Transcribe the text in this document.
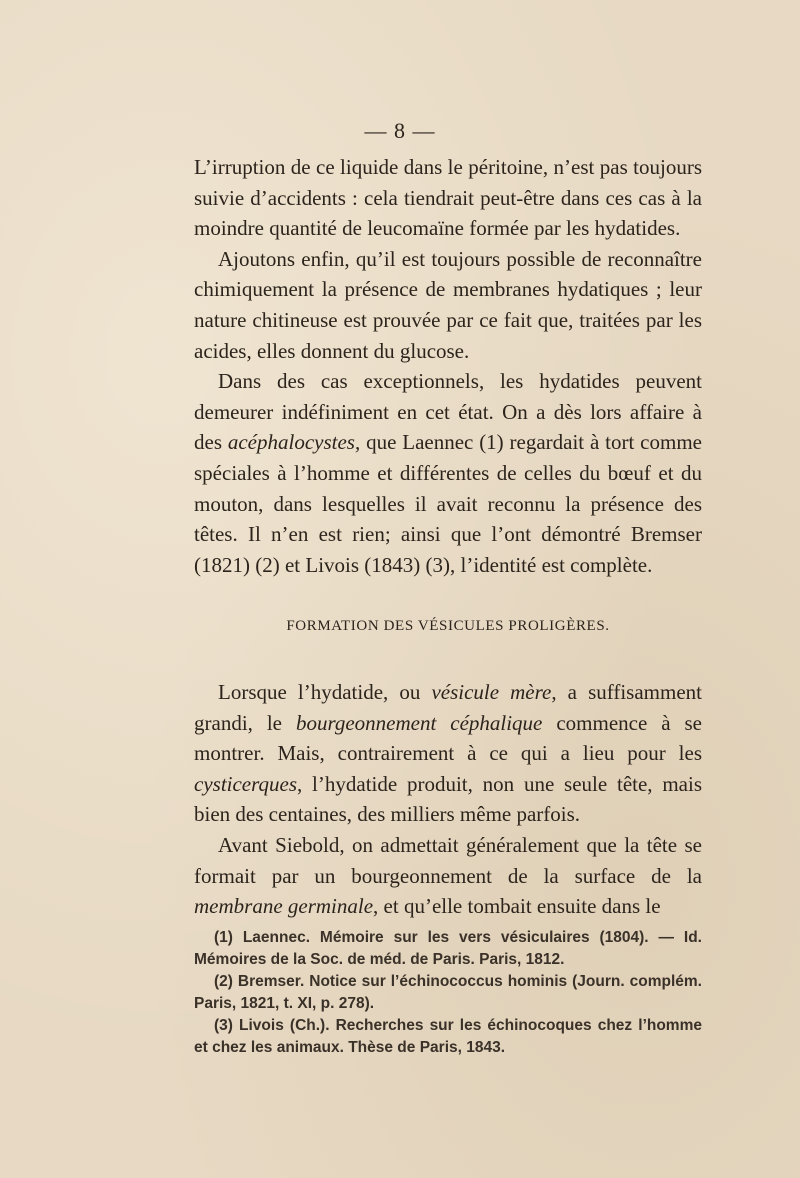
— 8 —

L’irruption de ce liquide dans le péritoine, n’est pas toujours suivie d’accidents : cela tiendrait peut-être dans ces cas à la moindre quantité de leucomaïne formée par les hydatides.

Ajoutons enfin, qu’il est toujours possible de reconnaître chimiquement la présence de membranes hydatiques ; leur nature chitineuse est prouvée par ce fait que, traitées par les acides, elles donnent du glucose.

Dans des cas exceptionnels, les hydatides peuvent demeurer indéfiniment en cet état. On a dès lors affaire à des acéphalocystes, que Laennec (1) regardait à tort comme spéciales à l’homme et différentes de celles du bœuf et du mouton, dans lesquelles il avait reconnu la présence des têtes. Il n’en est rien; ainsi que l’ont démontré Bremser (1821) (2) et Livois (1843) (3), l’identité est complète.

FORMATION DES VÉSICULES PROLIGÈRES.

Lorsque l’hydatide, ou vésicule mère, a suffisamment grandi, le bourgeonnement céphalique commence à se montrer. Mais, contrairement à ce qui a lieu pour les cysticerques, l’hydatide produit, non une seule tête, mais bien des centaines, des milliers même parfois.

Avant Siebold, on admettait généralement que la tête se formait par un bourgeonnement de la surface de la membrane germinale, et qu’elle tombait ensuite dans le

(1) Laennec. Mémoire sur les vers vésiculaires (1804). — Id. Mémoires de la Soc. de méd. de Paris. Paris, 1812.

(2) Bremser. Notice sur l’échinococcus hominis (Journ. complém. Paris, 1821, t. XI, p. 278).

(3) Livois (Ch.). Recherches sur les échinocoques chez l’homme et chez les animaux. Thèse de Paris, 1843.
